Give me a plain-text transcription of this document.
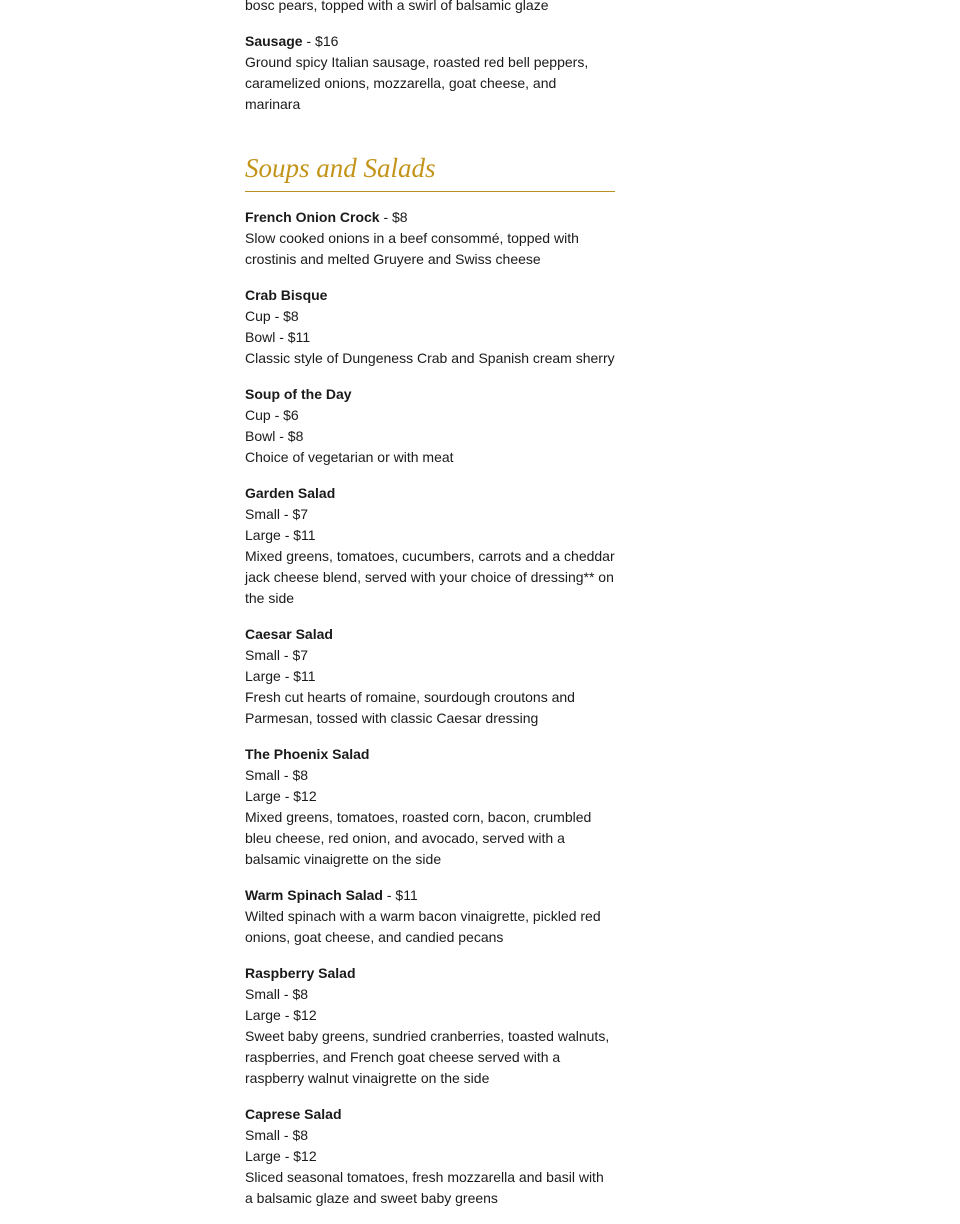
bosc pears, topped with a swirl of balsamic glaze

Sausage - $16

Ground spicy Italian sausage, roasted red bell peppers, caramelized onions, mozzarella, goat cheese, and marinara

Soups and Salads

French Onion Crock - $8

Slow cooked onions in a beef consommé, topped with crostinis and melted Gruyere and Swiss cheese

Crab Bisque

Cup - $8

Bowl - $11

Classic style of Dungeness Crab and Spanish cream sherry

Soup of the Day

Cup - $6

Bowl - $8

Choice of vegetarian or with meat

Garden Salad

Small - $7

Large - $11

Mixed greens, tomatoes, cucumbers, carrots and a cheddar jack cheese blend, served with your choice of dressing** on the side

Caesar Salad

Small - $7

Large - $11

Fresh cut hearts of romaine, sourdough croutons and Parmesan, tossed with classic Caesar dressing

The Phoenix Salad

Small - $8

Large - $12

Mixed greens, tomatoes, roasted corn, bacon, crumbled bleu cheese, red onion, and avocado, served with a balsamic vinaigrette on the side

Warm Spinach Salad - $11

Wilted spinach with a warm bacon vinaigrette, pickled red onions, goat cheese, and candied pecans

Raspberry Salad

Small - $8

Large - $12

Sweet baby greens, sundried cranberries, toasted walnuts, raspberries, and French goat cheese served with a raspberry walnut vinaigrette on the side

Caprese Salad

Small - $8

Large - $12

Sliced seasonal tomatoes, fresh mozzarella and basil with a balsamic glaze and sweet baby greens
